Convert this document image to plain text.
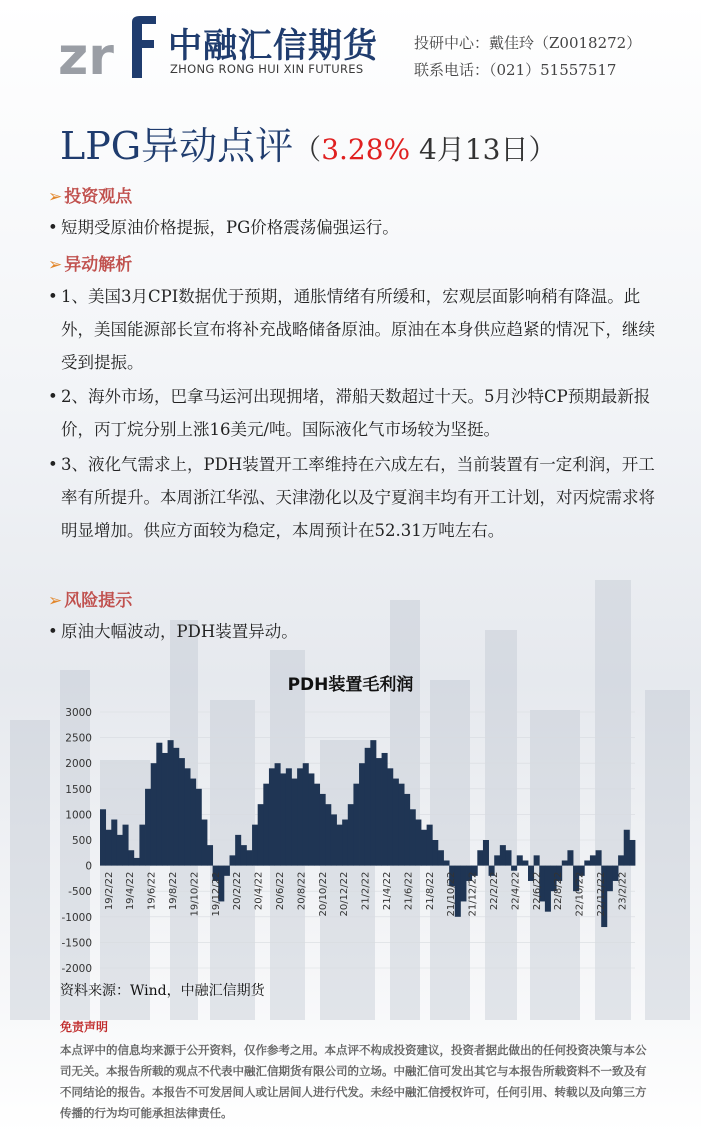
zr 中融汇信期货
ZHONG RONG HUI XIN FUTURES
投研中心：戴佳玲（Z0018272）
联系电话：（021）51557517
LPG异动点评（3.28% 4月13日）
➢ 投资观点
• 短期受原油价格提振，PG价格震荡偏强运行。
➢ 异动解析
• 1、美国3月CPI数据优于预期，通胀情绪有所缓和，宏观层面影响稍有降温。此外，美国能源部长宣布将补充战略储备原油。原油在本身供应趋紧的情况下，继续受到提振。
• 2、海外市场，巴拿马运河出现拥堵，滞船天数超过十天。5月沙特CP预期最新报价，丙丁烷分别上涨16美元/吨。国际液化气市场较为坚挺。
• 3、液化气需求上，PDH装置开工率维持在六成左右，当前装置有一定利润，开工率有所提升。本周浙江华泓、天津渤化以及宁夏润丰均有开工计划，对丙烷需求将明显增加。供应方面较为稳定，本周预计在52.31万吨左右。
➢ 风险提示
• 原油大幅波动，PDH装置异动。
PDH装置毛利润
-2000
-1500
-1000
-500
0
500
1000
1500
2000
2500
3000
19/2/22 19/4/22 19/6/22 19/8/22 19/10/22 19/12/22 20/2/22 20/4/22 20/6/22 20/8/22 20/10/22 20/12/22 21/2/22 21/4/22 21/6/22 21/8/22 21/10/22 21/12/22 22/2/22 22/4/22 22/6/22 22/8/22 22/10/22 22/12/22 23/2/22
资料来源：Wind，中融汇信期货
免责声明
本点评中的信息均来源于公开资料，仅作参考之用。本点评不构成投资建议，投资者据此做出的任何投资决策与本公司无关。本报告所载的观点不代表中融汇信期货有限公司的立场。中融汇信可发出其它与本报告所载资料不一致及有不同结论的报告。本报告不可发居间人或让居间人进行代发。未经中融汇信授权许可，任何引用、转载以及向第三方传播的行为均可能承担法律责任。
